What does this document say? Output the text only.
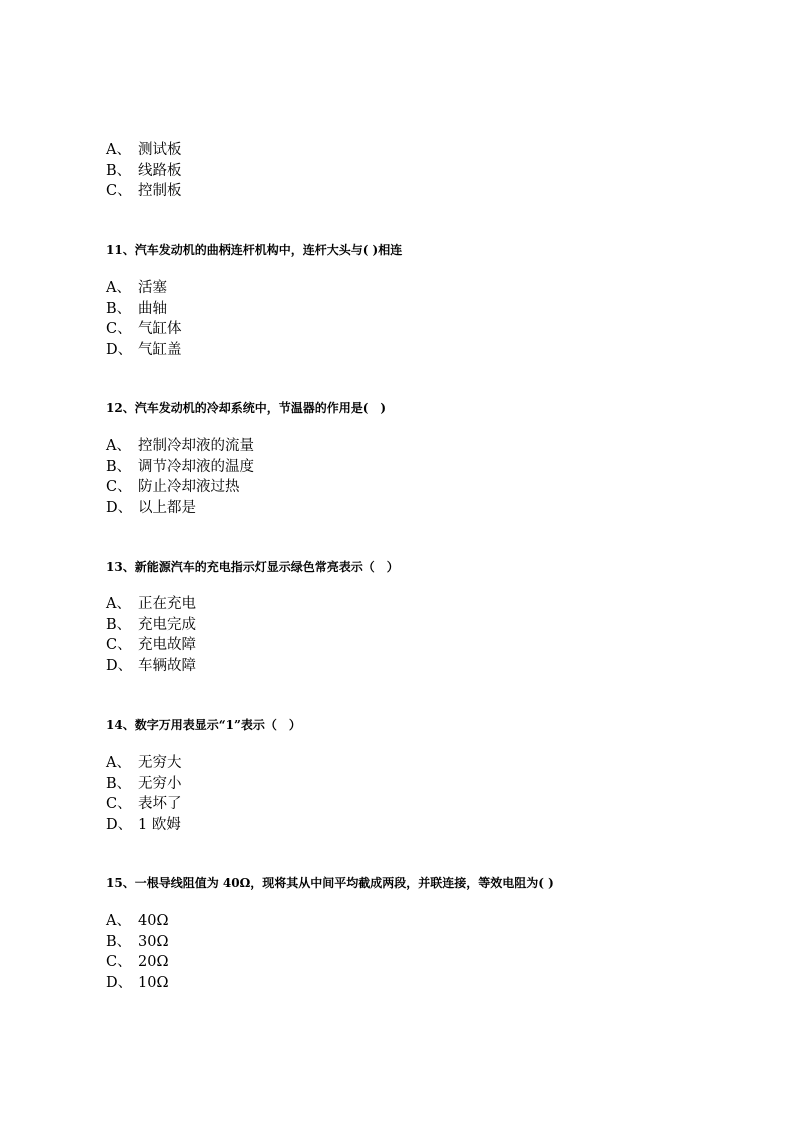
A、 测试板
B、 线路板
C、 控制板

11、汽车发动机的曲柄连杆机构中，连杆大头与( )相连

A、 活塞
B、 曲轴
C、 气缸体
D、 气缸盖

12、汽车发动机的冷却系统中，节温器的作用是(　)

A、 控制冷却液的流量
B、 调节冷却液的温度
C、 防止冷却液过热
D、 以上都是

13、新能源汽车的充电指示灯显示绿色常亮表示（　）

A、 正在充电
B、 充电完成
C、 充电故障
D、 车辆故障

14、数字万用表显示“1”表示（　）

A、 无穷大
B、 无穷小
C、 表坏了
D、 1 欧姆

15、一根导线阻值为 40Ω，现将其从中间平均截成两段，并联连接，等效电阻为( )

A、 40Ω
B、 30Ω
C、 20Ω
D、 10Ω
